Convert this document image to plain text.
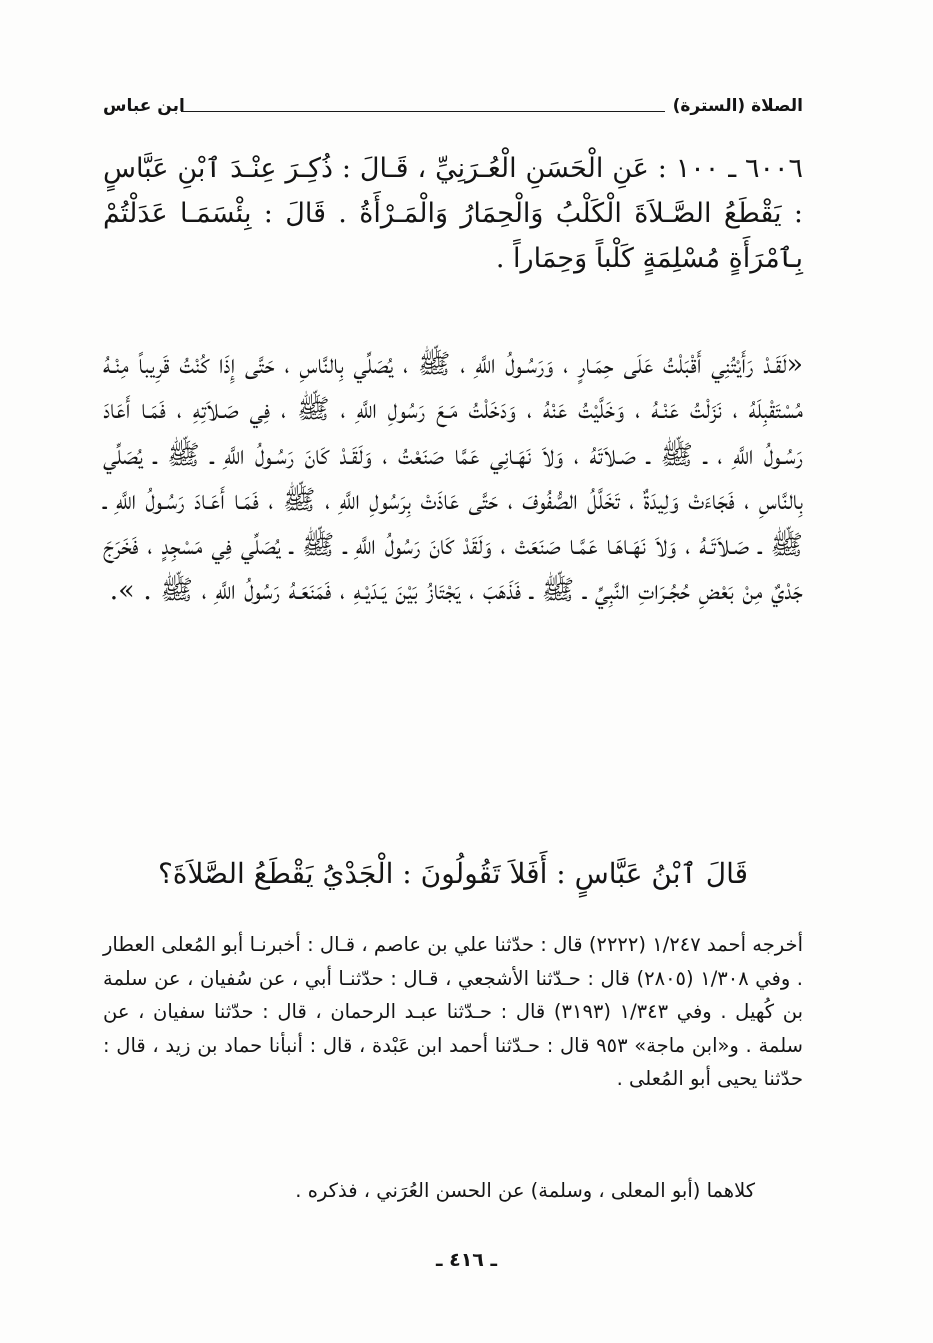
الصلاة (السترة)
ابن عباس

٦٠٠٦ ـ ١٠٠ : عَنِ الْحَسَنِ الْعُـرَنِيِّ ، قَـالَ : ذُكِـرَ عِنْـدَ ٱبْنِ عَبَّاسٍ : يَقْطَعُ الصَّـلاَةَ الْكَلْبُ وَالْحِمَارُ وَالْمَـرْأَةُ . قَالَ : بِئْسَمَـا عَدَلْتُمْ بِٱمْرَأَةٍ مُسْلِمَةٍ كَلْباً وَحِمَاراً .

«لَقَـدْ رَأَيْتُنِي أَقْبَلْتُ عَلَى حِمَـارٍ ، وَرَسُـولُ اللَّهِ ، ﷺ ، يُصَلِّي بِالنَّاسِ ، حَتَّى إِذَا كُنْتُ قَرِيباً مِنْـهُ مُسْتَقْبِلَهُ ، نَزَلْتُ عَنْـهُ ، وَخَلَّيْتُ عَنْهُ ، وَدَخَلْتُ مَـعَ رَسُولِ اللَّهِ ، ﷺ ، فِي صَـلاَتِهِ ، فَمَـا أَعَادَ رَسُـولُ اللَّهِ ، ـ ﷺ ـ صَـلاَتَهُ ، وَلاَ نَهَـانِي عَمَّا صَنَعْتُ ، وَلَقَـدْ كَانَ رَسُـولُ اللَّهِ ـ ﷺ ـ يُصَلِّي بِالنَّاسِ ، فَجَاءَتْ وَلِيدَةٌ ، تَخَلَّلُ الصُّفُوفَ ، حَتَّى عَاذَتْ بِرَسُولِ اللَّهِ ، ﷺ ، فَمَـا أَعَـادَ رَسُـولُ اللَّهِ ـ ﷺ ـ صَـلاَتَـهُ ، وَلاَ نَهَـاهَـا عَمَّـا صَنَعَتْ ، وَلَقَدْ كَانَ رَسُولُ اللَّهِ ـ ﷺ ـ يُصَلِّي فِي مَسْجِدٍ ، فَخَرَجَ جَدْيٌ مِنْ بَعْضِ حُجُـرَاتِ النَّبِيِّ ـ ﷺ ـ فَذَهَبَ ، يَجْتَازُ بَيْنَ يَـدَيْـهِ ، فَمَنَعَـهُ رَسُولُ اللَّهِ ، ﷺ . ».

قَالَ ٱبْنُ عَبَّاسٍ : أَفَلاَ تَقُولُونَ : الْجَدْيُ يَقْطَعُ الصَّلاَةَ؟

أخرجه أحمد ١/٢٤٧ (٢٢٢٢) قال : حدّثنا علي بن عاصم ، قـال : أخبرنـا أبو المُعلى العطار . وفي ١/٣٠٨ (٢٨٠٥) قال : حـدّثنا الأشجعي ، قـال : حدّثنـا أبي ، عن سُفيان ، عن سلمة بن كُهيل . وفي ١/٣٤٣ (٣١٩٣) قال : حـدّثنا عبـد الرحمان ، قال : حدّثنا سفيان ، عن سلمة . و«ابن ماجة» ٩٥٣ قال : حـدّثنا أحمد ابن عَبْدة ، قال : أنبأنا حماد بن زيد ، قال : حدّثنا يحيى أبو المُعلى .

كلاهما (أبو المعلى ، وسلمة) عن الحسن العُرَني ، فذكره .

ـ ٤١٦ ـ
